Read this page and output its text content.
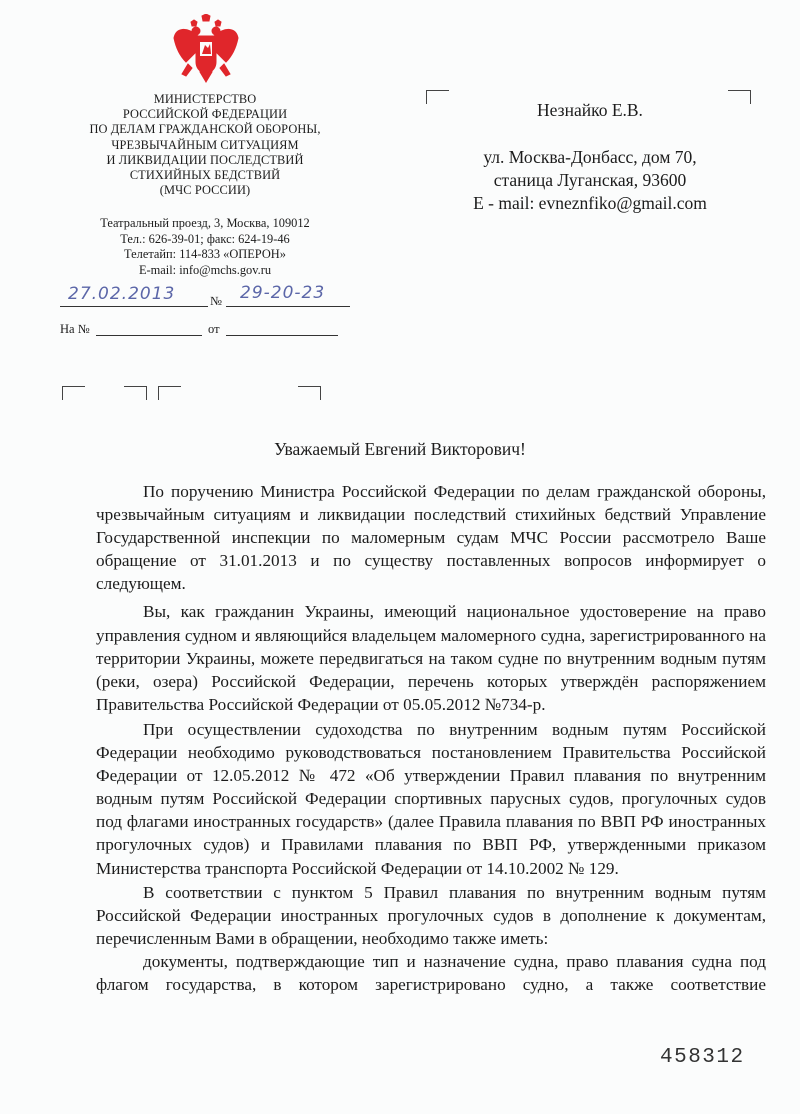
МИНИСТЕРСТВО
РОССИЙСКОЙ ФЕДЕРАЦИИ
ПО ДЕЛАМ ГРАЖДАНСКОЙ ОБОРОНЫ,
ЧРЕЗВЫЧАЙНЫМ СИТУАЦИЯМ
И ЛИКВИДАЦИИ ПОСЛЕДСТВИЙ
СТИХИЙНЫХ БЕДСТВИЙ
(МЧС РОССИИ)
Театральный проезд, 3, Москва, 109012
Тел.: 626-39-01; факс: 624-19-46
Телетайп: 114-833 «ОПЕРОН»
E-mail: info@mchs.gov.ru
27.02.2013	№ 29-20-23
На №	от
Незнайко Е.В.
ул. Москва-Донбасс, дом 70,
станица Луганская, 93600
E - mail: evneznfiko@gmail.com
Уважаемый Евгений Викторович!

По поручению Министра Российской Федерации по делам гражданской обороны, чрезвычайным ситуациям и ликвидации последствий стихийных бедствий Управление Государственной инспекции по маломерным судам МЧС России рассмотрело Ваше обращение от 31.01.2013 и по существу поставленных вопросов информирует о следующем.

Вы, как гражданин Украины, имеющий национальное удостоверение на право управления судном и являющийся владельцем маломерного судна, зарегистрированного на территории Украины, можете передвигаться на таком судне по внутренним водным путям (реки, озера) Российской Федерации, перечень которых утверждён распоряжением Правительства Российской Федерации от 05.05.2012 №734-р.

При осуществлении судоходства по внутренним водным путям Российской Федерации необходимо руководствоваться постановлением Правительства Российской Федерации от 12.05.2012 № 472 «Об утверждении Правил плавания по внутренним водным путям Российской Федерации спортивных парусных судов, прогулочных судов под флагами иностранных государств» (далее Правила плавания по ВВП РФ иностранных прогулочных судов) и Правилами плавания по ВВП РФ, утвержденными приказом Министерства транспорта Российской Федерации от 14.10.2002 № 129.

В соответствии с пунктом 5 Правил плавания по внутренним водным путям Российской Федерации иностранных прогулочных судов в дополнение к документам, перечисленным Вами в обращении, необходимо также иметь:

документы, подтверждающие тип и назначение судна, право плавания судна под флагом государства, в котором зарегистрировано судно, а также соответствие

458312
